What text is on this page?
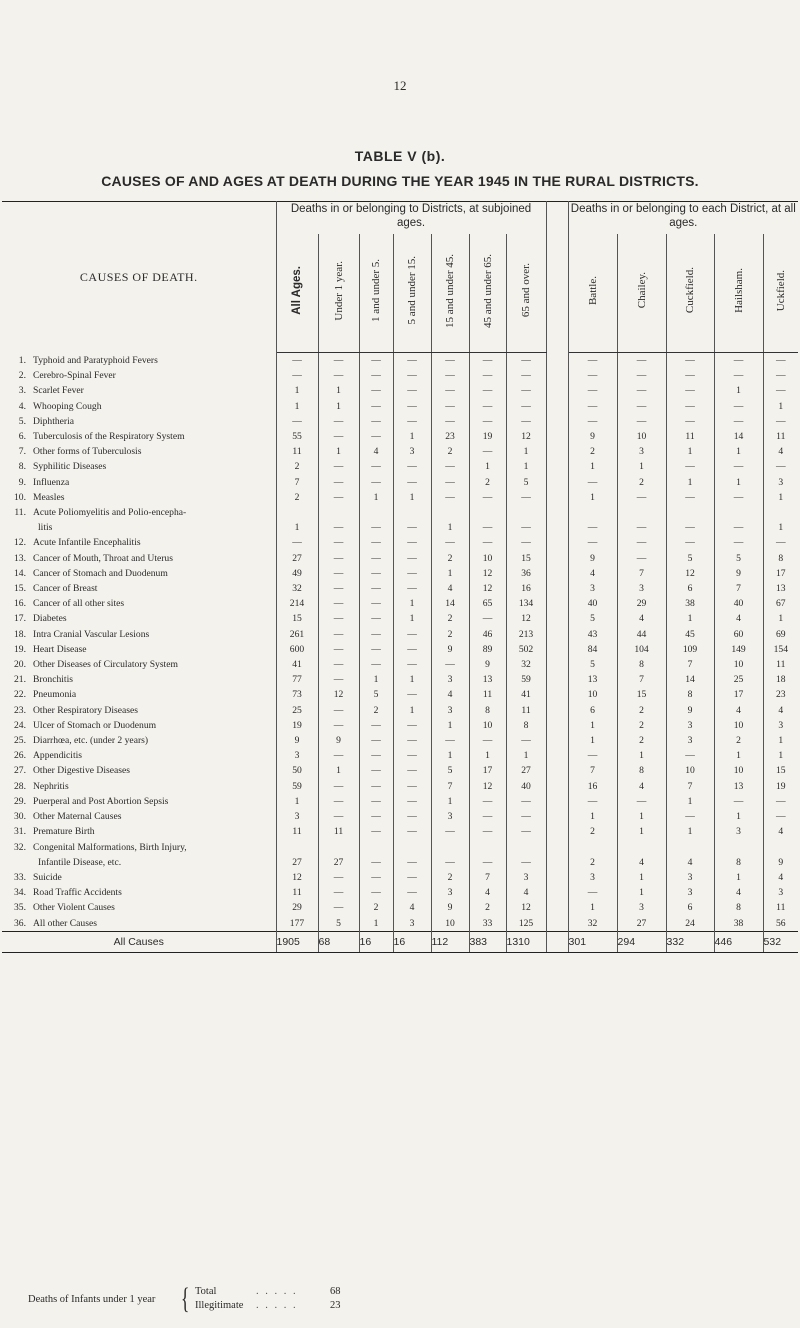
12
TABLE V (b).
CAUSES OF AND AGES AT DEATH DURING THE YEAR 1945 IN THE RURAL DISTRICTS.
CAUSES OF DEATH.	Deaths in or belonging to Districts, at subjoined ages.								Deaths in or belonging to each District, at all ages.				
	All Ages.	Under 1 year.	1 and under 5.	5 and under 15.	15 and under 45.	45 and under 65.	65 and over.		Battle.	Chailey.	Cuckfield.	Hailsham.	Uckfield.
1. Typhoid and Paratyphoid Fevers	—	—	—	—	—	—	—		—	—	—	—	—
2. Cerebro-Spinal Fever	—	—	—	—	—	—	—		—	—	—	—	—
3. Scarlet Fever	1	1	—	—	—	—	—		—	—	—	1	—
4. Whooping Cough	1	1	—	—	—	—	—		—	—	—	—	1
5. Diphtheria	—	—	—	—	—	—	—		—	—	—	—	—
6. Tuberculosis of the Respiratory System	55	—	—	1	23	19	12		9	10	11	14	11
7. Other forms of Tuberculosis	11	1	4	3	2	—	1		2	3	1	1	4
8. Syphilitic Diseases	2	—	—	—	—	1	1		1	1	—	—	—
9. Influenza	7	—	—	—	—	2	5		—	2	1	1	3
10. Measles	2	—	1	1	—	—	—		1	—	—	—	1
11. Acute Poliomyelitis and Polio-encepha-
litis	1	—	—	—	1	—	—		—	—	—	—	1
12. Acute Infantile Encephalitis	—	—	—	—	—	—	—		—	—	—	—	—
13. Cancer of Mouth, Throat and Uterus	27	—	—	—	2	10	15		9	—	5	5	8
14. Cancer of Stomach and Duodenum	49	—	—	—	1	12	36		4	7	12	9	17
15. Cancer of Breast	32	—	—	—	4	12	16		3	3	6	7	13
16. Cancer of all other sites	214	—	—	1	14	65	134		40	29	38	40	67
17. Diabetes	15	—	—	1	2	—	12		5	4	1	4	1
18. Intra Cranial Vascular Lesions	261	—	—	—	2	46	213		43	44	45	60	69
19. Heart Disease	600	—	—	—	9	89	502		84	104	109	149	154
20. Other Diseases of Circulatory System	41	—	—	—	—	9	32		5	8	7	10	11
21. Bronchitis	77	—	1	1	3	13	59		13	7	14	25	18
22. Pneumonia	73	12	5	—	4	11	41		10	15	8	17	23
23. Other Respiratory Diseases	25	—	2	1	3	8	11		6	2	9	4	4
24. Ulcer of Stomach or Duodenum	19	—	—	—	1	10	8		1	2	3	10	3
25. Diarrhœa, etc. (under 2 years)	9	9	—	—	—	—	—		1	2	3	2	1
26. Appendicitis	3	—	—	—	1	1	1		—	1	—	1	1
27. Other Digestive Diseases	50	1	—	—	5	17	27		7	8	10	10	15
28. Nephritis	59	—	—	—	7	12	40		16	4	7	13	19
29. Puerperal and Post Abortion Sepsis	1	—	—	—	1	—	—		—	—	1	—	—
30. Other Maternal Causes	3	—	—	—	3	—	—		1	1	—	1	—
31. Premature Birth	11	11	—	—	—	—	—		2	1	1	3	4
32. Congenital Malformations, Birth Injury,
Infantile Disease, etc.	27	27	—	—	—	—	—		2	4	4	8	9
33. Suicide	12	—	—	—	2	7	3		3	1	3	1	4
34. Road Traffic Accidents	11	—	—	—	3	4	4		—	1	3	4	3
35. Other Violent Causes	29	—	2	4	9	2	12		1	3	6	8	11
36. All other Causes	177	5	1	3	10	33	125		32	27	24	38	56
All Causes	1905	68	16	16	112	383	1310		301	294	332	446	532
Deaths of Infants under 1 year { Total	. . . . .	68
Illegitimate . . . . .	23
